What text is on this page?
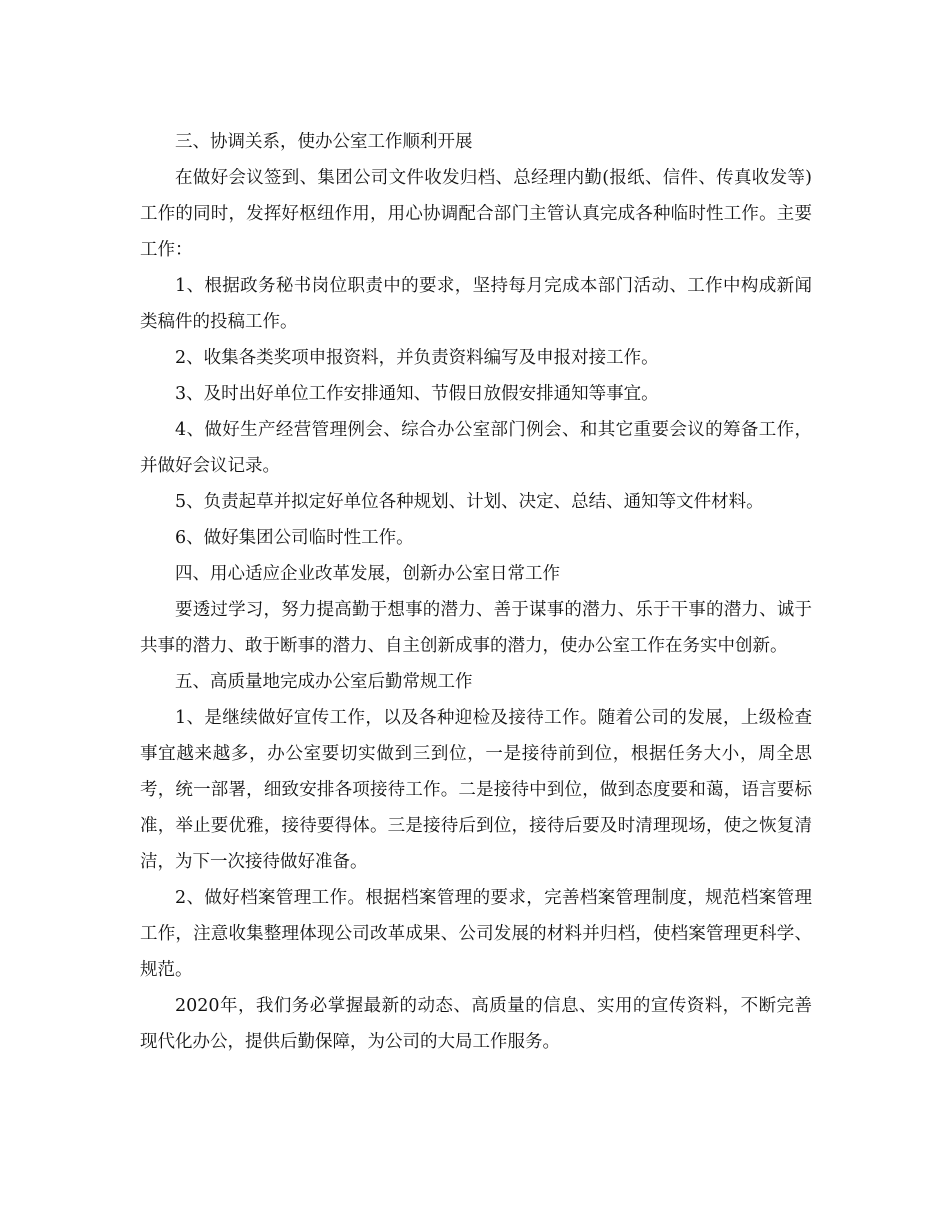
三、协调关系，使办公室工作顺利开展

在做好会议签到、集团公司文件收发归档、总经理内勤(报纸、信件、传真收发等)工作的同时，发挥好枢纽作用，用心协调配合部门主管认真完成各种临时性工作。主要工作：

1、根据政务秘书岗位职责中的要求，坚持每月完成本部门活动、工作中构成新闻类稿件的投稿工作。

2、收集各类奖项申报资料，并负责资料编写及申报对接工作。

3、及时出好单位工作安排通知、节假日放假安排通知等事宜。

4、做好生产经营管理例会、综合办公室部门例会、和其它重要会议的筹备工作，并做好会议记录。

5、负责起草并拟定好单位各种规划、计划、决定、总结、通知等文件材料。

6、做好集团公司临时性工作。

四、用心适应企业改革发展，创新办公室日常工作

要透过学习，努力提高勤于想事的潜力、善于谋事的潜力、乐于干事的潜力、诚于共事的潜力、敢于断事的潜力、自主创新成事的潜力，使办公室工作在务实中创新。

五、高质量地完成办公室后勤常规工作

1、是继续做好宣传工作，以及各种迎检及接待工作。随着公司的发展，上级检查事宜越来越多，办公室要切实做到三到位，一是接待前到位，根据任务大小，周全思考，统一部署，细致安排各项接待工作。二是接待中到位，做到态度要和蔼，语言要标准，举止要优雅，接待要得体。三是接待后到位，接待后要及时清理现场，使之恢复清洁，为下一次接待做好准备。

2、做好档案管理工作。根据档案管理的要求，完善档案管理制度，规范档案管理工作，注意收集整理体现公司改革成果、公司发展的材料并归档，使档案管理更科学、规范。

2020年，我们务必掌握最新的动态、高质量的信息、实用的宣传资料，不断完善现代化办公，提供后勤保障，为公司的大局工作服务。
